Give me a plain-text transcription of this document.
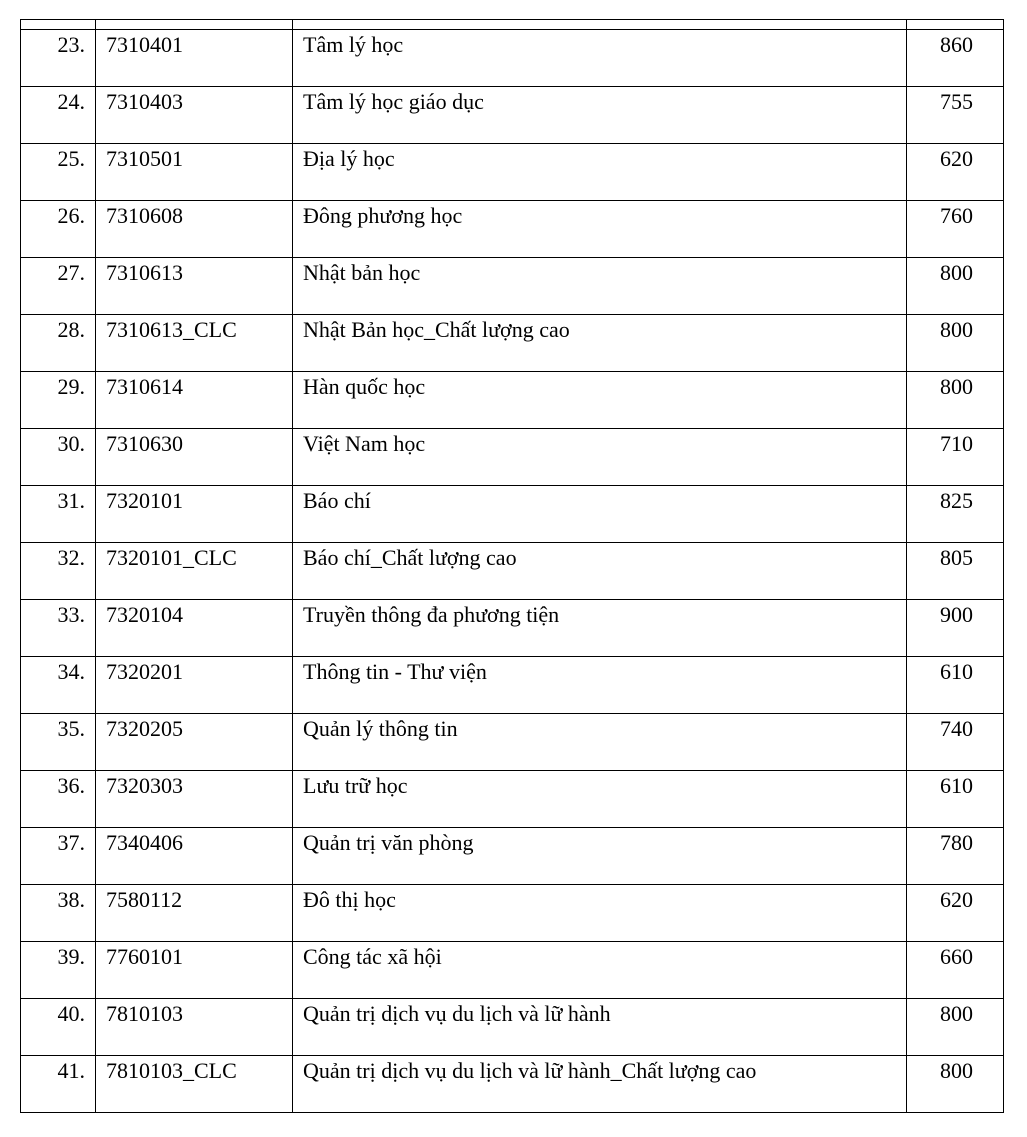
23.	7310401	Tâm lý học	860

24.	7310403	Tâm lý học giáo dục	755

25.	7310501	Địa lý học	620

26.	7310608	Đông phương học	760

27.	7310613	Nhật bản học	800

28.	7310613_CLC	Nhật Bản học_Chất lượng cao	800

29.	7310614	Hàn quốc học	800

30.	7310630	Việt Nam học	710

31.	7320101	Báo chí	825

32.	7320101_CLC	Báo chí_Chất lượng cao	805

33.	7320104	Truyền thông đa phương tiện	900

34.	7320201	Thông tin - Thư viện	610

35.	7320205	Quản lý thông tin	740

36.	7320303	Lưu trữ học	610

37.	7340406	Quản trị văn phòng	780

38.	7580112	Đô thị học	620

39.	7760101	Công tác xã hội	660

40.	7810103	Quản trị dịch vụ du lịch và lữ hành	800

41.	7810103_CLC	Quản trị dịch vụ du lịch và lữ hành_Chất lượng cao	800
